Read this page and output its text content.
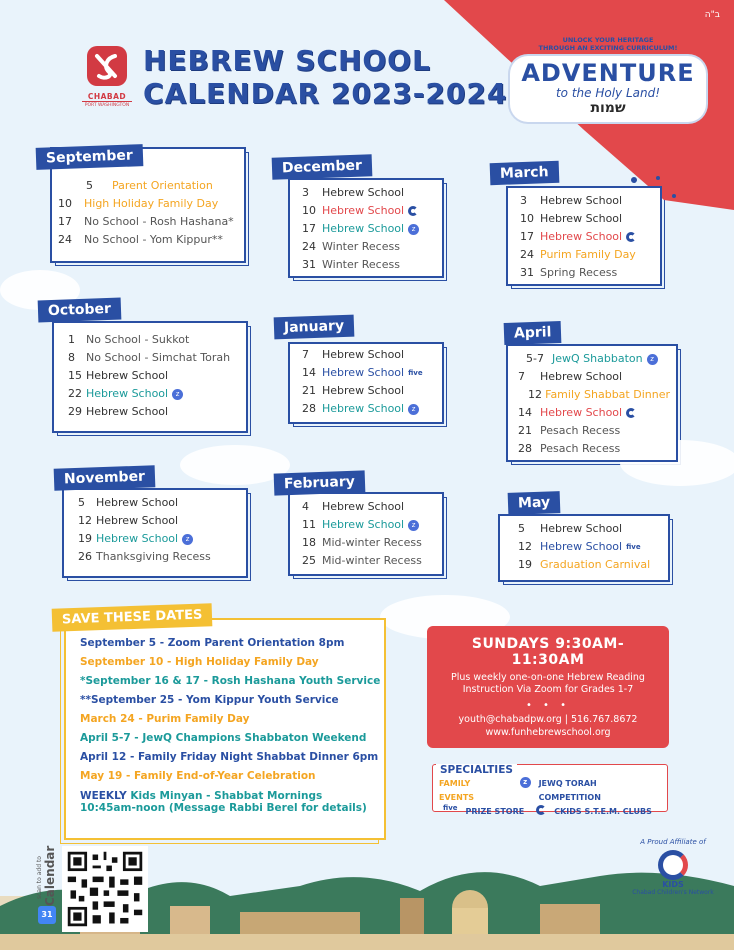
ב"ה
CHABAD
PORT WASHINGTON
HEBREW SCHOOL
CALENDAR 2023-2024
UNLOCK YOUR HERITAGE
THROUGH AN EXCITING CURRICULUM!
ADVENTURE
to the Holy Land!
שמות
5 Parent Orientation
10	High Holiday Family Day
17	No School - Rosh Hashana*
24	No School - Yom Kippur**
September
1	No School - Sukkot
8	No School - Simchat Torah
15 Hebrew School
22 Hebrew School	z
29 Hebrew School
October
5	Hebrew School
12 Hebrew School
19 Hebrew School	z
26 Thanksgiving Recess
November
3	Hebrew School
10 Hebrew School
17 Hebrew School	z
24 Winter Recess
31 Winter Recess
December
7	Hebrew School
14 Hebrew School five
21 Hebrew School
28 Hebrew School	z
January
4	Hebrew School
11 Hebrew School	z
18 Mid-winter Recess
25 Mid-winter Recess
February
3	Hebrew School
10 Hebrew School
17 Hebrew School
24 Purim Family Day
31 Spring Recess
March
5-7 JewQ Shabbaton	z
7	Hebrew School
12 Family Shabbat Dinner
14 Hebrew School
21 Pesach Recess
28 Pesach Recess
April
5	Hebrew School
12 Hebrew School five
19 Graduation Carnival
May
September 5 - Zoom Parent Orientation 8pm
September 10 - High Holiday Family Day
*September 16 & 17 - Rosh Hashana Youth Service
**September 25 - Yom Kippur Youth Service
March 24 - Purim Family Day
April 5-7 - JewQ Champions Shabbaton Weekend
April 12 - Family Friday Night Shabbat Dinner 6pm
May 19 - Family End-of-Year Celebration
WEEKLY Kids Minyan - Shabbat Mornings
10:45am-noon (Message Rabbi Berel for details)
SAVE THESE DATES
SUNDAYS 9:30AM-11:30AM
Plus weekly one-on-one Hebrew Reading
Instruction Via Zoom for Grades 1-7
• • •
youth@chabadpw.org | 516.767.8672
www.funhebrewschool.org
FAMILY EVENTS
z	JEWQ TORAH COMPETITION
five PRIZE STORE	CKIDS S.T.E.M. CLUBS
SPECIALTIES
scan to add to Calendar
31
A Proud Affiliate of
KIDS
Chabad Children's Network
